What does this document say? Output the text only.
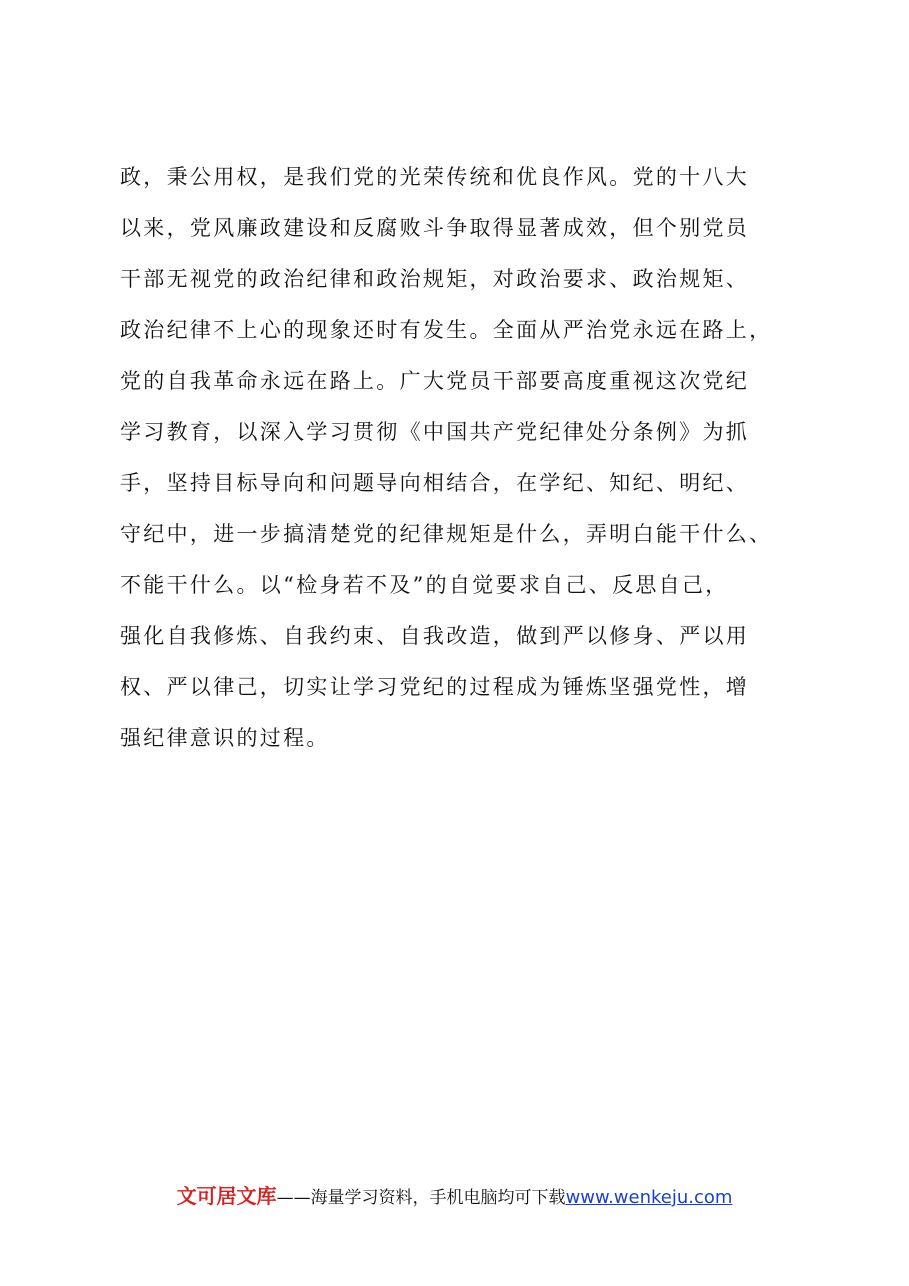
政，秉公用权，是我们党的光荣传统和优良作风。党的十八大
以来，党风廉政建设和反腐败斗争取得显著成效，但个别党员
干部无视党的政治纪律和政治规矩，对政治要求、政治规矩、
政治纪律不上心的现象还时有发生。全面从严治党永远在路上，
党的自我革命永远在路上。广大党员干部要高度重视这次党纪
学习教育，以深入学习贯彻《中国共产党纪律处分条例》为抓
手，坚持目标导向和问题导向相结合，在学纪、知纪、明纪、
守纪中，进一步搞清楚党的纪律规矩是什么，弄明白能干什么、
不能干什么。以“检身若不及”的自觉要求自己、反思自己，
强化自我修炼、自我约束、自我改造，做到严以修身、严以用
权、严以律己，切实让学习党纪的过程成为锤炼坚强党性，增
强纪律意识的过程。
文可居文库——海量学习资料，手机电脑均可下载www.wenkeju.com
